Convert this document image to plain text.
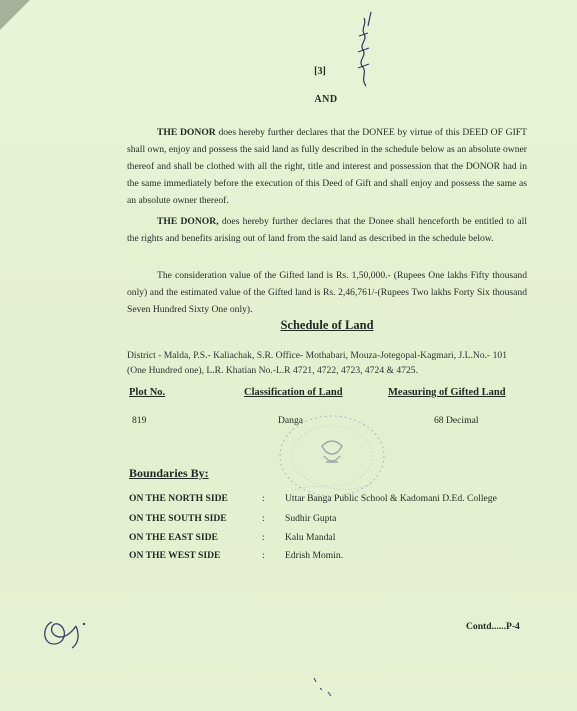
[3]
AND
THE DONOR does hereby further declares that the DONEE by virtue of this DEED OF GIFT shall own, enjoy and possess the said land as fully described in the schedule below as an absolute owner thereof and shall be clothed with all the right, title and interest and possession that the DONOR had in the same immediately before the execution of this Deed of Gift and shall enjoy and possess the same as an absolute owner thereof.
THE DONOR, does hereby further declares that the Donee shall henceforth be entitled to all the rights and benefits arising out of land from the said land as described in the schedule below.
The consideration value of the Gifted land is Rs. 1,50,000.- (Rupees One lakhs Fifty thousand only) and the estimated value of the Gifted land is Rs. 2,46,761/-(Rupees Two lakhs Forty Six thousand Seven Hundred Sixty One only).
Schedule of Land
District - Malda, P.S.- Kaliachak, S.R. Office- Mothabari, Mouza-Jotegopal-Kagmari, J.L.No.- 101 (One Hundred one), L.R. Khatian No.-L.R 4721, 4722, 4723, 4724 & 4725.
Plot No.	Classification of Land	Measuring of Gifted Land
819	Danga	68 Decimal
Boundaries By:
ON THE NORTH SIDE	: Uttar Banga Public School & Kadomani D.Ed. College
ON THE SOUTH SIDE	: Sudhir Gupta
ON THE EAST SIDE	: Kalu Mandal
ON THE WEST SIDE	: Edrish Momin.
Contd......P-4
